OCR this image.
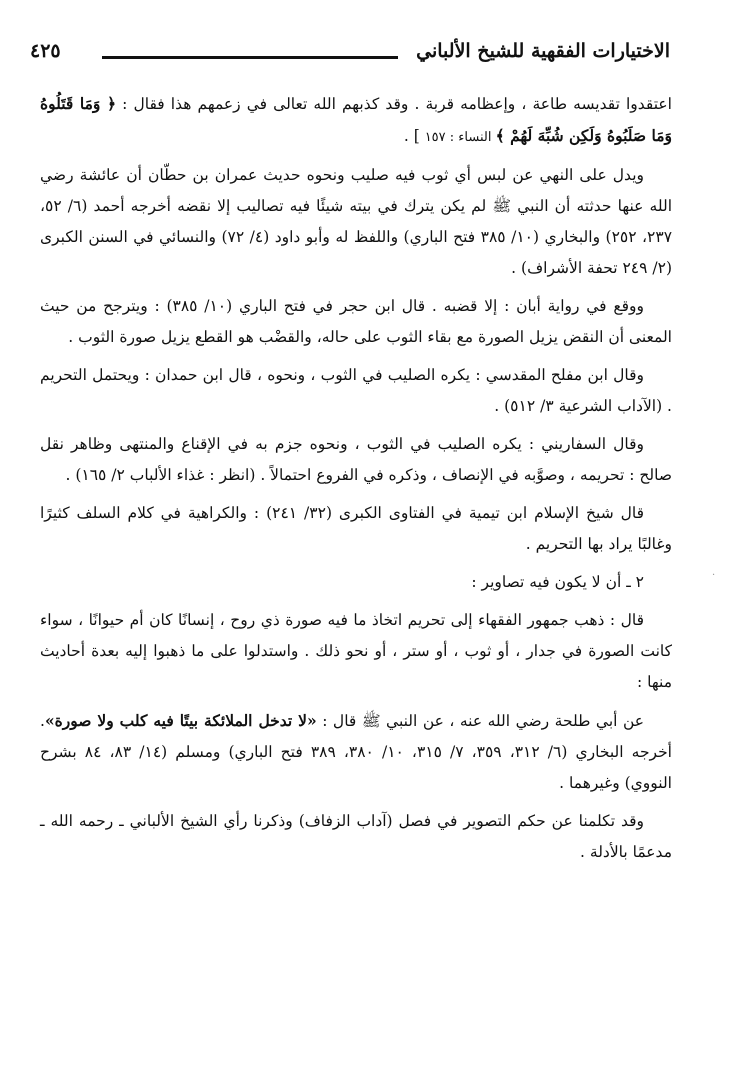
الاختيارات الفقهية للشيخ الألباني
٤٢٥

اعتقدوا تقديسه طاعة ، وإعظامه قربة . وقد كذبهم الله تعالى في زعمهم هذا فقال : ﴿ وَمَا قَتَلُوهُ وَمَا صَلَبُوهُ وَلَكِن شُبِّهَ لَهُمْ ﴾ النساء : ١٥٧ ] .

ويدل على النهي عن لبس أي ثوب فيه صليب ونحوه حديث عمران بن حطّان أن عائشة رضي الله عنها حدثته أن النبي ﷺ لم يكن يترك في بيته شيئًا فيه تصاليب إلا نقضه أخرجه أحمد (٦/ ٥٢، ٢٣٧، ٢٥٢) والبخاري (١٠/ ٣٨٥ فتح الباري) واللفظ له وأبو داود (٤/ ٧٢) والنسائي في السنن الكبرى (٢/ ٢٤٩ تحفة الأشراف) .

ووقع في رواية أبان : إلا قضبه . قال ابن حجر في فتح الباري (١٠/ ٣٨٥) : ويترجح من حيث المعنى أن النقض يزيل الصورة مع بقاء الثوب على حاله، والقضْب هو القطع يزيل صورة الثوب .

وقال ابن مفلح المقدسي : يكره الصليب في الثوب ، ونحوه ، قال ابن حمدان : ويحتمل التحريم . (الآداب الشرعية ٣/ ٥١٢) .

وقال السفاريني : يكره الصليب في الثوب ، ونحوه جزم به في الإقناع والمنتهى وظاهر نقل صالح : تحريمه ، وصوَّبه في الإنصاف ، وذكره في الفروع احتمالاً . (انظر : غذاء الألباب ٢/ ١٦٥) .

قال شيخ الإسلام ابن تيمية في الفتاوى الكبرى (٣٢/ ٢٤١) : والكراهية في كلام السلف كثيرًا وغالبًا يراد بها التحريم .

٢ ـ أن لا يكون فيه تصاوير :

قال : ذهب جمهور الفقهاء إلى تحريم اتخاذ ما فيه صورة ذي روح ، إنسانًا كان أم حيوانًا ، سواء كانت الصورة في جدار ، أو ثوب ، أو ستر ، أو نحو ذلك . واستدلوا على ما ذهبوا إليه بعدة أحاديث منها :

عن أبي طلحة رضي الله عنه ، عن النبي ﷺ قال : «لا تدخل الملائكة بيتًا فيه كلب ولا صورة». أخرجه البخاري (٦/ ٣١٢، ٣٥٩، ٧/ ٣١٥، ١٠/ ٣٨٠، ٣٨٩ فتح الباري) ومسلم (١٤/ ٨٣، ٨٤ بشرح النووي) وغيرهما .

وقد تكلمنا عن حكم التصوير في فصل (آداب الزفاف) وذكرنا رأي الشيخ الألباني ـ رحمه الله ـ مدعمًا بالأدلة .

·
